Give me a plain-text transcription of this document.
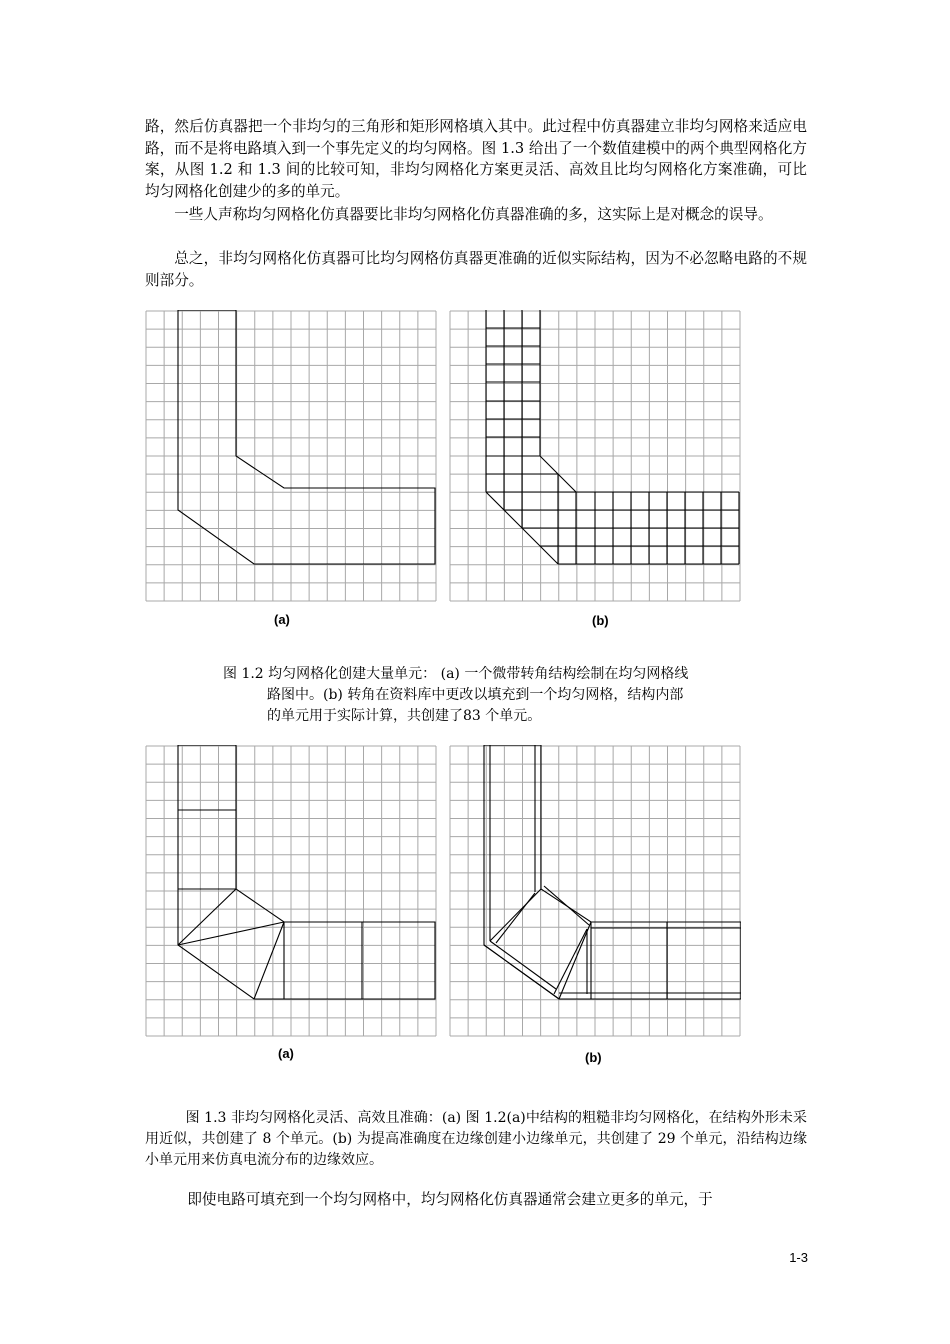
路，然后仿真器把一个非均匀的三角形和矩形网格填入其中。此过程中仿真器建立非均匀网格来适应电路，而不是将电路填入到一个事先定义的均匀网格。图 1.3 给出了一个数值建模中的两个典型网格化方案，从图 1.2 和 1.3 间的比较可知，非均匀网格化方案更灵活、高效且比均匀网格化方案准确，可比均匀网格化创建少的多的单元。

一些人声称均匀网格化仿真器要比非均匀网格化仿真器准确的多，这实际上是对概念的误导。

总之，非均匀网格化仿真器可比均匀网格仿真器更准确的近似实际结构，因为不必忽略电路的不规则部分。

(a)	(b)

图 1.2 均匀网格化创建大量单元： (a) 一个微带转角结构绘制在均匀网格线

路图中。(b) 转角在资料库中更改以填充到一个均匀网格，结构内部

的单元用于实际计算，共创建了83 个单元。

(a)	(b)

图 1.3 非均匀网格化灵活、高效且准确：(a) 图 1.2(a)中结构的粗糙非均匀网格化，在结构外形未采用近似，共创建了 8 个单元。(b) 为提高准确度在边缘创建小边缘单元，共创建了 29 个单元，沿结构边缘小单元用来仿真电流分布的边缘效应。

即使电路可填充到一个均匀网格中，均匀网格化仿真器通常会建立更多的单元，于

1-3
